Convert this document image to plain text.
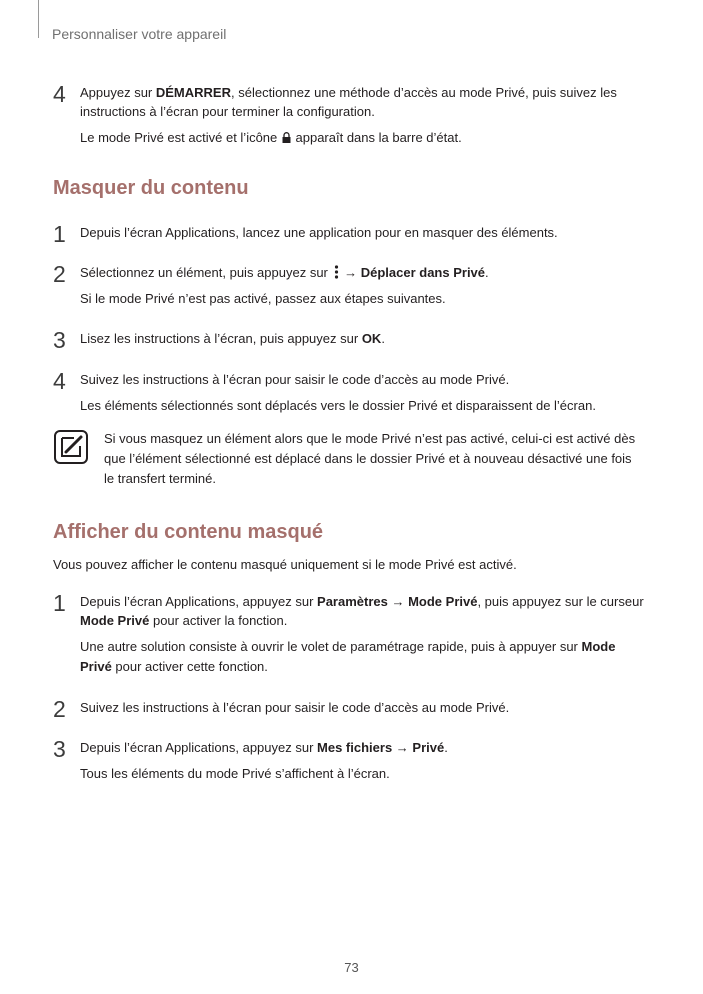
Personnaliser votre appareil
4 Appuyez sur DÉMARRER, sélectionnez une méthode d’accès au mode Privé, puis suivez les
instructions à l’écran pour terminer la configuration.
Le mode Privé est activé et l’icône  apparaît dans la barre d’état.
Masquer du contenu
1 Depuis l’écran Applications, lancez une application pour en masquer des éléments.
2 Sélectionnez un élément, puis appuyez sur  → Déplacer dans Privé.
Si le mode Privé n’est pas activé, passez aux étapes suivantes.
3 Lisez les instructions à l’écran, puis appuyez sur OK.
4 Suivez les instructions à l’écran pour saisir le code d’accès au mode Privé.
Les éléments sélectionnés sont déplacés vers le dossier Privé et disparaissent de l’écran.
Si vous masquez un élément alors que le mode Privé n’est pas activé, celui-ci est activé dès
que l’élément sélectionné est déplacé dans le dossier Privé et à nouveau désactivé une fois
le transfert terminé.
Afficher du contenu masqué
Vous pouvez afficher le contenu masqué uniquement si le mode Privé est activé.
1 Depuis l’écran Applications, appuyez sur Paramètres → Mode Privé, puis appuyez sur le curseur
Mode Privé pour activer la fonction.
Une autre solution consiste à ouvrir le volet de paramétrage rapide, puis à appuyer sur Mode
Privé pour activer cette fonction.
2 Suivez les instructions à l’écran pour saisir le code d’accès au mode Privé.
3 Depuis l’écran Applications, appuyez sur Mes fichiers → Privé.
Tous les éléments du mode Privé s’affichent à l’écran.
73
